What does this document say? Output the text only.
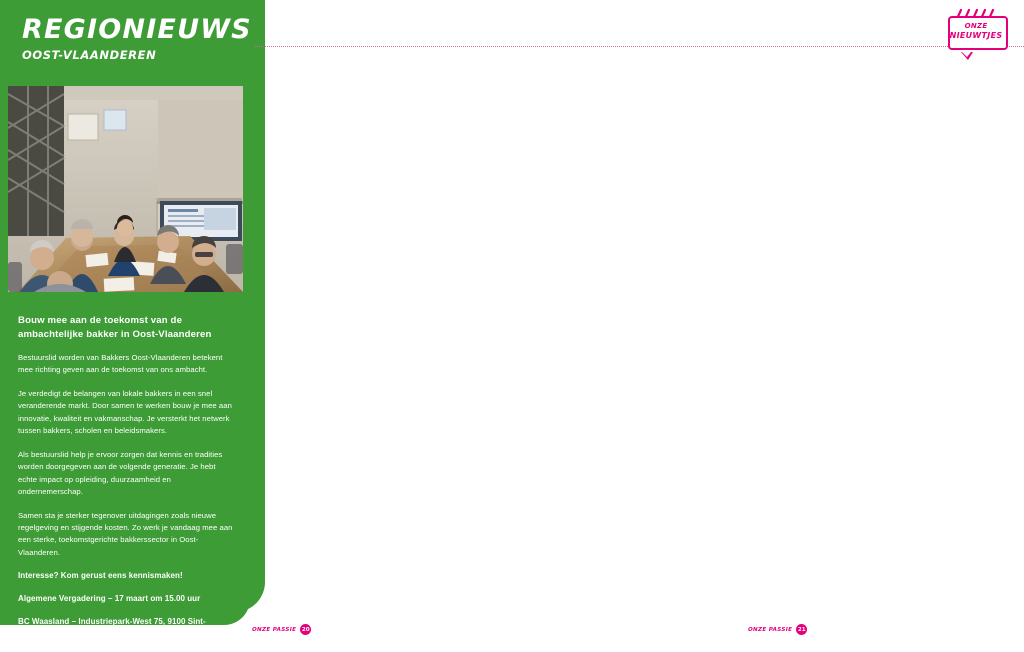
REGIONIEUWS
OOST-VLAANDEREN
Bouw mee aan de toekomst van de ambachtelijke bakker in Oost-Vlaanderen

Bestuurslid worden van Bakkers Oost-Vlaanderen betekent mee richting geven aan de toekomst van ons ambacht.

Je verdedigt de belangen van lokale bakkers in een snel veranderende markt. Door samen te werken bouw je mee aan innovatie, kwaliteit en vakmanschap. Je versterkt het netwerk tussen bakkers, scholen en beleidsmakers.

Als bestuurslid help je ervoor zorgen dat kennis en tradities worden doorgegeven aan de volgende generatie. Je hebt echte impact op opleiding, duurzaamheid en ondernemerschap.

Samen sta je sterker tegenover uitdagingen zoals nieuwe regelgeving en stijgende kosten. Zo werk je vandaag mee aan een sterke, toekomstgerichte bakkerssector in Oost-Vlaanderen.

Interesse? Kom gerust eens kennismaken!

Algemene Vergadering – 17 maart om 15.00 uur

BC Waasland – Industriepark-West 75, 9100 Sint-Niklaas

ONZE
NIEUWTJES
ONZE PASSIE 20	ONZE PASSIE 21
